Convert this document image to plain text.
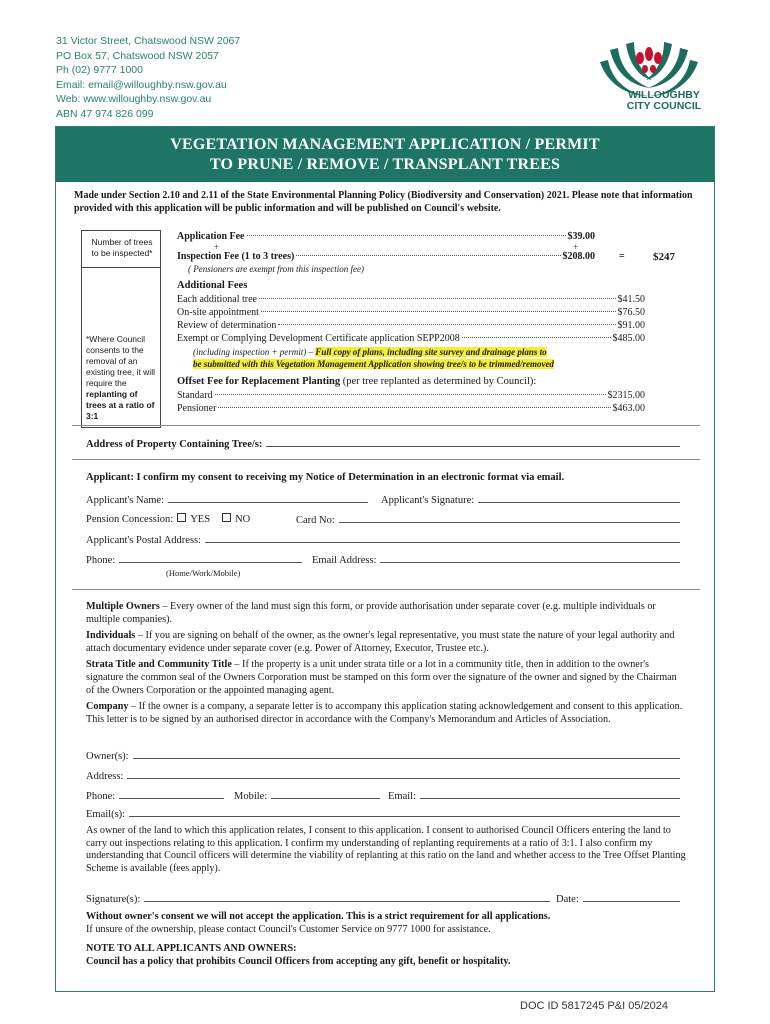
31 Victor Street, Chatswood NSW 2067
PO Box 57, Chatswood NSW 2057
Ph (02) 9777 1000
Email: email@willoughby.nsw.gov.au
Web: www.willoughby.nsw.gov.au
ABN 47 974 826 099
WILLOUGHBY
CITY COUNCIL
VEGETATION MANAGEMENT APPLICATION / PERMIT
TO PRUNE / REMOVE / TRANSPLANT TREES
Made under Section 2.10 and 2.11 of the State Environmental Planning Policy (Biodiversity and Conservation) 2021. Please note that information provided with this application will be public information and will be published on Council's website.
Number of trees to be inspected*
*Where Council consents to the removal of an existing tree, it will require the replanting of trees at a ratio of 3:1
Application Fee	$39.00
+	+
Inspection Fee (1 to 3 trees)	$208.00 =	$247
( Pensioners are exempt from this inspection fee)
Additional Fees
Each additional tree	$41.50
On-site appointment	$76.50
Review of determination	$91.00
Exempt or Complying Development Certificate application SEPP2008	$485.00
(including inspection + permit) – Full copy of plans, including site survey and drainage plans to
be submitted with this Vegetation Management Application showing tree/s to be trimmed/removed
Offset Fee for Replacement Planting (per tree replanted as determined by Council):
Standard	$2315.00
Pensioner	$463.00
Address of Property Containing Tree/s:
Applicant: I confirm my consent to receiving my Notice of Determination in an electronic format via email.
Applicant's Name:	Applicant's Signature:
Pension Concession: YES NO	Card No:
Applicant's Postal Address:
Phone:	Email Address:
(Home/Work/Mobile)
Multiple Owners – Every owner of the land must sign this form, or provide authorisation under separate cover (e.g. multiple individuals or multiple companies).
Individuals – If you are signing on behalf of the owner, as the owner's legal representative, you must state the nature of your legal authority and attach documentary evidence under separate cover (e.g. Power of Attorney, Executor, Trustee etc.).
Strata Title and Community Title – If the property is a unit under strata title or a lot in a community title, then in addition to the owner's signature the common seal of the Owners Corporation must be stamped on this form over the signature of the owner and signed by the Chairman of the Owners Corporation or the appointed managing agent.
Company – If the owner is a company, a separate letter is to accompany this application stating acknowledgement and consent to this application. This letter is to be signed by an authorised director in accordance with the Company's Memorandum and Articles of Association.
Owner(s):
Address:
Phone:	Mobile:	Email:
Email(s):
As owner of the land to which this application relates, I consent to this application. I consent to authorised Council Officers entering the land to carry out inspections relating to this application. I confirm my understanding of replanting requirements at a ratio of 3:1. I also confirm my understanding that Council officers will determine the viability of replanting at this ratio on the land and whether access to the Tree Offset Planting Scheme is available (fees apply).
Signature(s):	Date:
Without owner's consent we will not accept the application. This is a strict requirement for all applications.
If unsure of the ownership, please contact Council's Customer Service on 9777 1000 for assistance.
NOTE TO ALL APPLICANTS AND OWNERS:
Council has a policy that prohibits Council Officers from accepting any gift, benefit or hospitality.
DOC ID 5817245 P&I 05/2024
